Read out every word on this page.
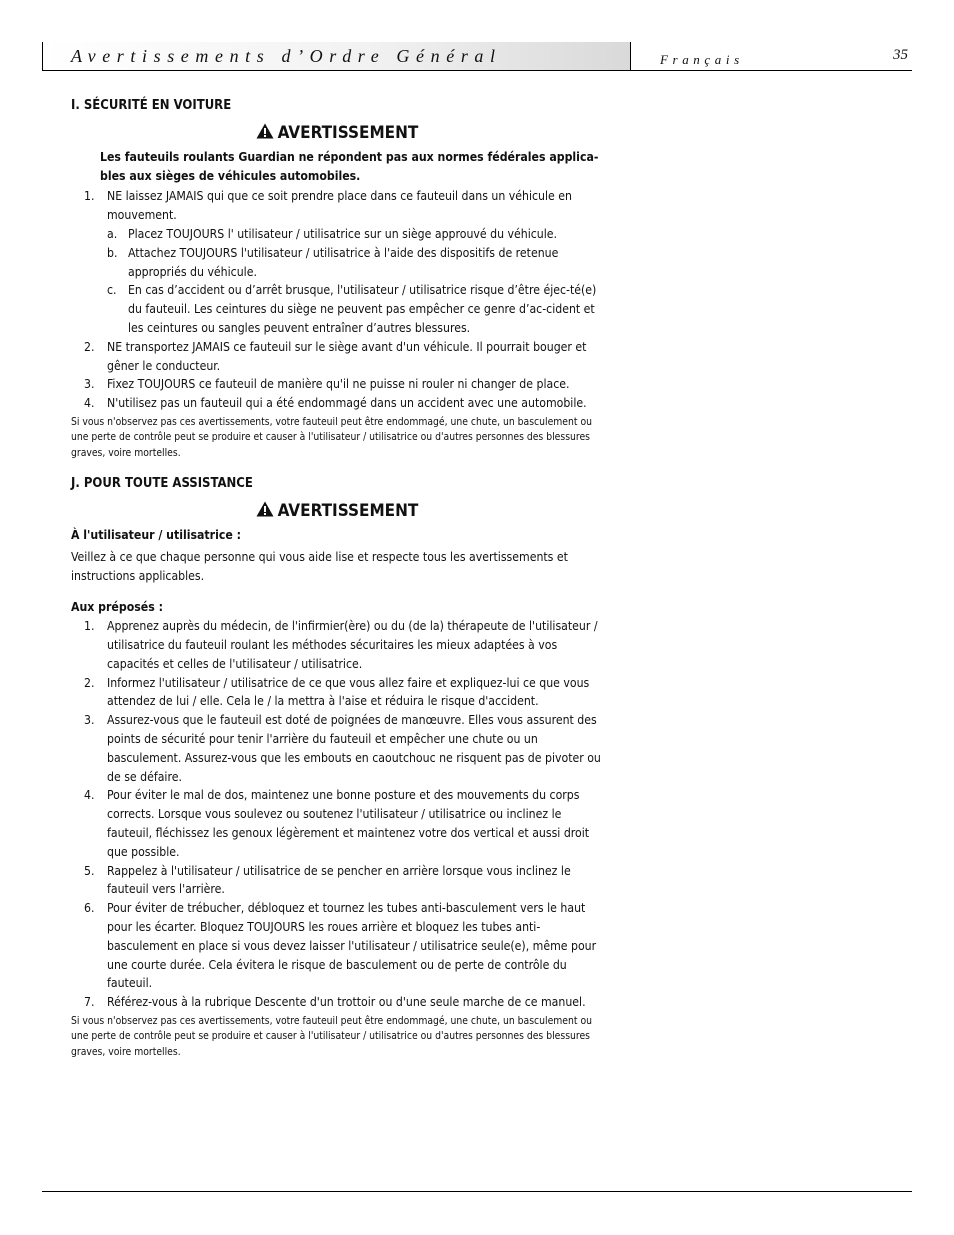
Avertissements d’Ordre Général	Français	35

I. SÉCURITÉ EN VOITURE

AVERTISSEMENT

Les fauteuils roulants Guardian ne répondent pas aux normes fédérales applica-
bles aux sièges de véhicules automobiles.

1. NE laissez JAMAIS qui que ce soit prendre place dans ce fauteuil dans un véhicule en mouvement.
a. Placez TOUJOURS l' utilisateur / utilisatrice sur un siège approuvé du véhicule.
b. Attachez TOUJOURS l'utilisateur / utilisatrice à l'aide des dispositifs de retenue appropriés du véhicule.
c. En cas d’accident ou d’arrêt brusque, l'utilisateur / utilisatrice risque d’être éjec-té(e) du fauteuil. Les ceintures du siège ne peuvent pas empêcher ce genre d’ac-cident et les ceintures ou sangles peuvent entraîner d’autres blessures.
2. NE transportez JAMAIS ce fauteuil sur le siège avant d'un véhicule. Il pourrait bouger et gêner le conducteur.
3. Fixez TOUJOURS ce fauteuil de manière qu'il ne puisse ni rouler ni changer de place.
4. N'utilisez pas un fauteuil qui a été endommagé dans un accident avec une automobile.

Si vous n'observez pas ces avertissements, votre fauteuil peut être endommagé, une chute, un basculement ou une perte de contrôle peut se produire et causer à l'utilisateur / utilisatrice ou d'autres personnes des blessures graves, voire mortelles.

J. POUR TOUTE ASSISTANCE

AVERTISSEMENT

À l'utilisateur / utilisatrice :

Veillez à ce que chaque personne qui vous aide lise et respecte tous les avertissements et instructions applicables.

Aux préposés :

1. Apprenez auprès du médecin, de l'infirmier(ère) ou du (de la) thérapeute de l'utilisateur / utilisatrice du fauteuil roulant les méthodes sécuritaires les mieux adaptées à vos capacités et celles de l'utilisateur / utilisatrice.
2. Informez l'utilisateur / utilisatrice de ce que vous allez faire et expliquez-lui ce que vous attendez de lui / elle. Cela le / la mettra à l'aise et réduira le risque d'accident.
3. Assurez-vous que le fauteuil est doté de poignées de manœuvre. Elles vous assurent des points de sécurité pour tenir l'arrière du fauteuil et empêcher une chute ou un basculement. Assurez-vous que les embouts en caoutchouc ne risquent pas de pivoter ou de se défaire.
4. Pour éviter le mal de dos, maintenez une bonne posture et des mouvements du corps corrects. Lorsque vous soulevez ou soutenez l'utilisateur / utilisatrice ou inclinez le fauteuil, fléchissez les genoux légèrement et maintenez votre dos vertical et aussi droit que possible.
5. Rappelez à l'utilisateur / utilisatrice de se pencher en arrière lorsque vous inclinez le fauteuil vers l'arrière.
6. Pour éviter de trébucher, débloquez et tournez les tubes anti-basculement vers le haut pour les écarter. Bloquez TOUJOURS les roues arrière et bloquez les tubes anti-basculement en place si vous devez laisser l'utilisateur / utilisatrice seule(e), même pour une courte durée. Cela évitera le risque de basculement ou de perte de contrôle du fauteuil.
7. Référez-vous à la rubrique Descente d'un trottoir ou d'une seule marche de ce manuel.

Si vous n'observez pas ces avertissements, votre fauteuil peut être endommagé, une chute, un basculement ou une perte de contrôle peut se produire et causer à l'utilisateur / utilisatrice ou d'autres personnes des blessures graves, voire mortelles.
